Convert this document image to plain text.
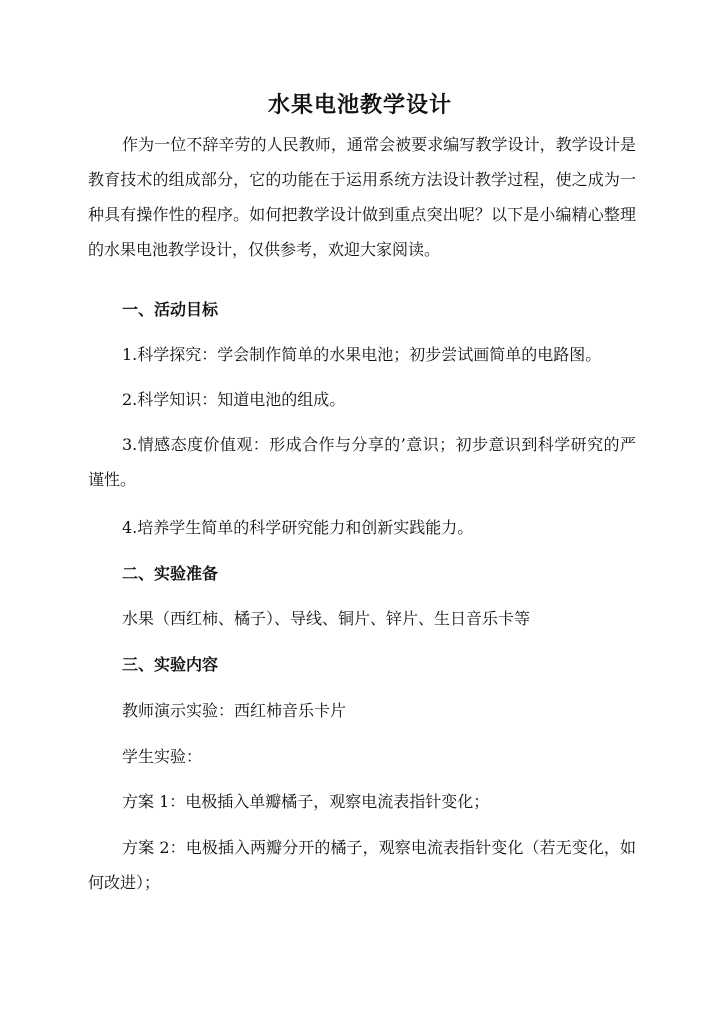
水果电池教学设计
作为一位不辞辛劳的人民教师，通常会被要求编写教学设计，教学设计是教育技术的组成部分，它的功能在于运用系统方法设计教学过程，使之成为一种具有操作性的程序。如何把教学设计做到重点突出呢？以下是小编精心整理的水果电池教学设计，仅供参考，欢迎大家阅读。
一、活动目标
1.科学探究：学会制作简单的水果电池；初步尝试画简单的电路图。
2.科学知识：知道电池的组成。
3.情感态度价值观：形成合作与分享的’意识；初步意识到科学研究的严谨性。
4.培养学生简单的科学研究能力和创新实践能力。
二、实验准备
水果（西红柿、橘子）、导线、铜片、锌片、生日音乐卡等
三、实验内容
教师演示实验：西红柿音乐卡片
学生实验：
方案 1：电极插入单瓣橘子，观察电流表指针变化；
方案 2：电极插入两瓣分开的橘子，观察电流表指针变化（若无变化，如何改进）；
